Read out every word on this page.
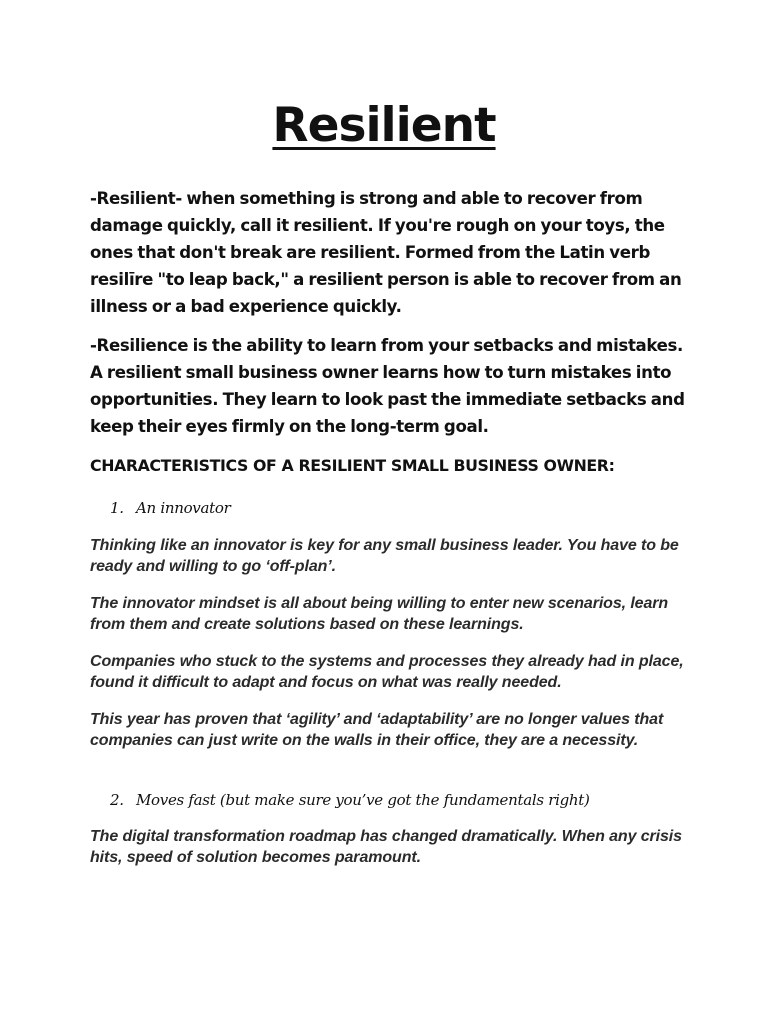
Resilient

-Resilient- when something is strong and able to recover from damage quickly, call it resilient. If you're rough on your toys, the ones that don't break are resilient. Formed from the Latin verb resilīre "to leap back," a resilient person is able to recover from an illness or a bad experience quickly.

-Resilience is the ability to learn from your setbacks and mistakes. A resilient small business owner learns how to turn mistakes into opportunities. They learn to look past the immediate setbacks and keep their eyes firmly on the long-term goal.

CHARACTERISTICS OF A RESILIENT SMALL BUSINESS OWNER:

1. An innovator

Thinking like an innovator is key for any small business leader. You have to be ready and willing to go ‘off-plan’.

The innovator mindset is all about being willing to enter new scenarios, learn from them and create solutions based on these learnings.

Companies who stuck to the systems and processes they already had in place, found it difficult to adapt and focus on what was really needed.

This year has proven that ‘agility’ and ‘adaptability’ are no longer values that companies can just write on the walls in their office, they are a necessity.

2. Moves fast (but make sure you’ve got the fundamentals right)

The digital transformation roadmap has changed dramatically. When any crisis hits, speed of solution becomes paramount.
